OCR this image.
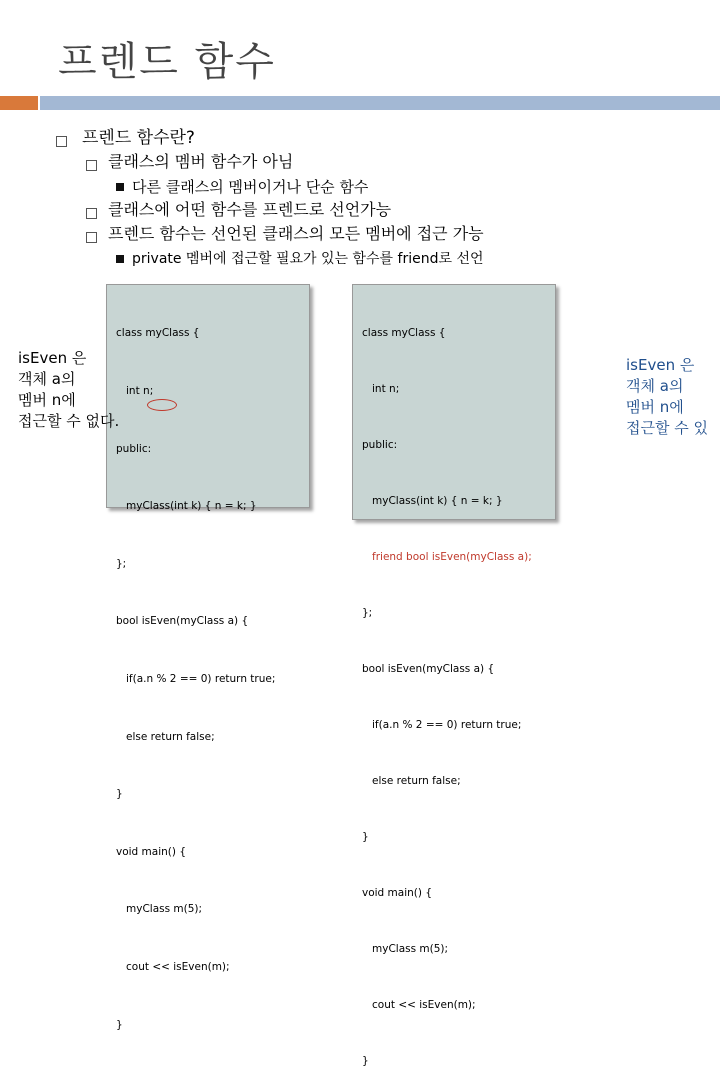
프렌드 함수
프렌드 함수란?
클래스의 멤버 함수가 아님
다른 클래스의 멤버이거나 단순 함수
클래스에 어떤 함수를 프렌드로 선언가능
프렌드 함수는 선언된 클래스의 모든 멤버에 접근 가능
private 멤버에 접근할 필요가 있는 함수를 friend로 선언

class myClass {

int n;

public:

myClass(int k) { n = k; }

};

bool isEven(myClass a) {

if(a.n % 2 == 0) return true;

else return false;

}

void main() {

myClass m(5);

cout << isEven(m);

}

class myClass {

int n;

public:

myClass(int k) { n = k; }

friend bool isEven(myClass a);

};

bool isEven(myClass a) {

if(a.n % 2 == 0) return true;

else return false;

}

void main() {

myClass m(5);

cout << isEven(m);

}

isEven 은
객체 a의
멤버 n에
접근할 수 없다.
isEven 은
객체 a의
멤버 n에
접근할 수 있
